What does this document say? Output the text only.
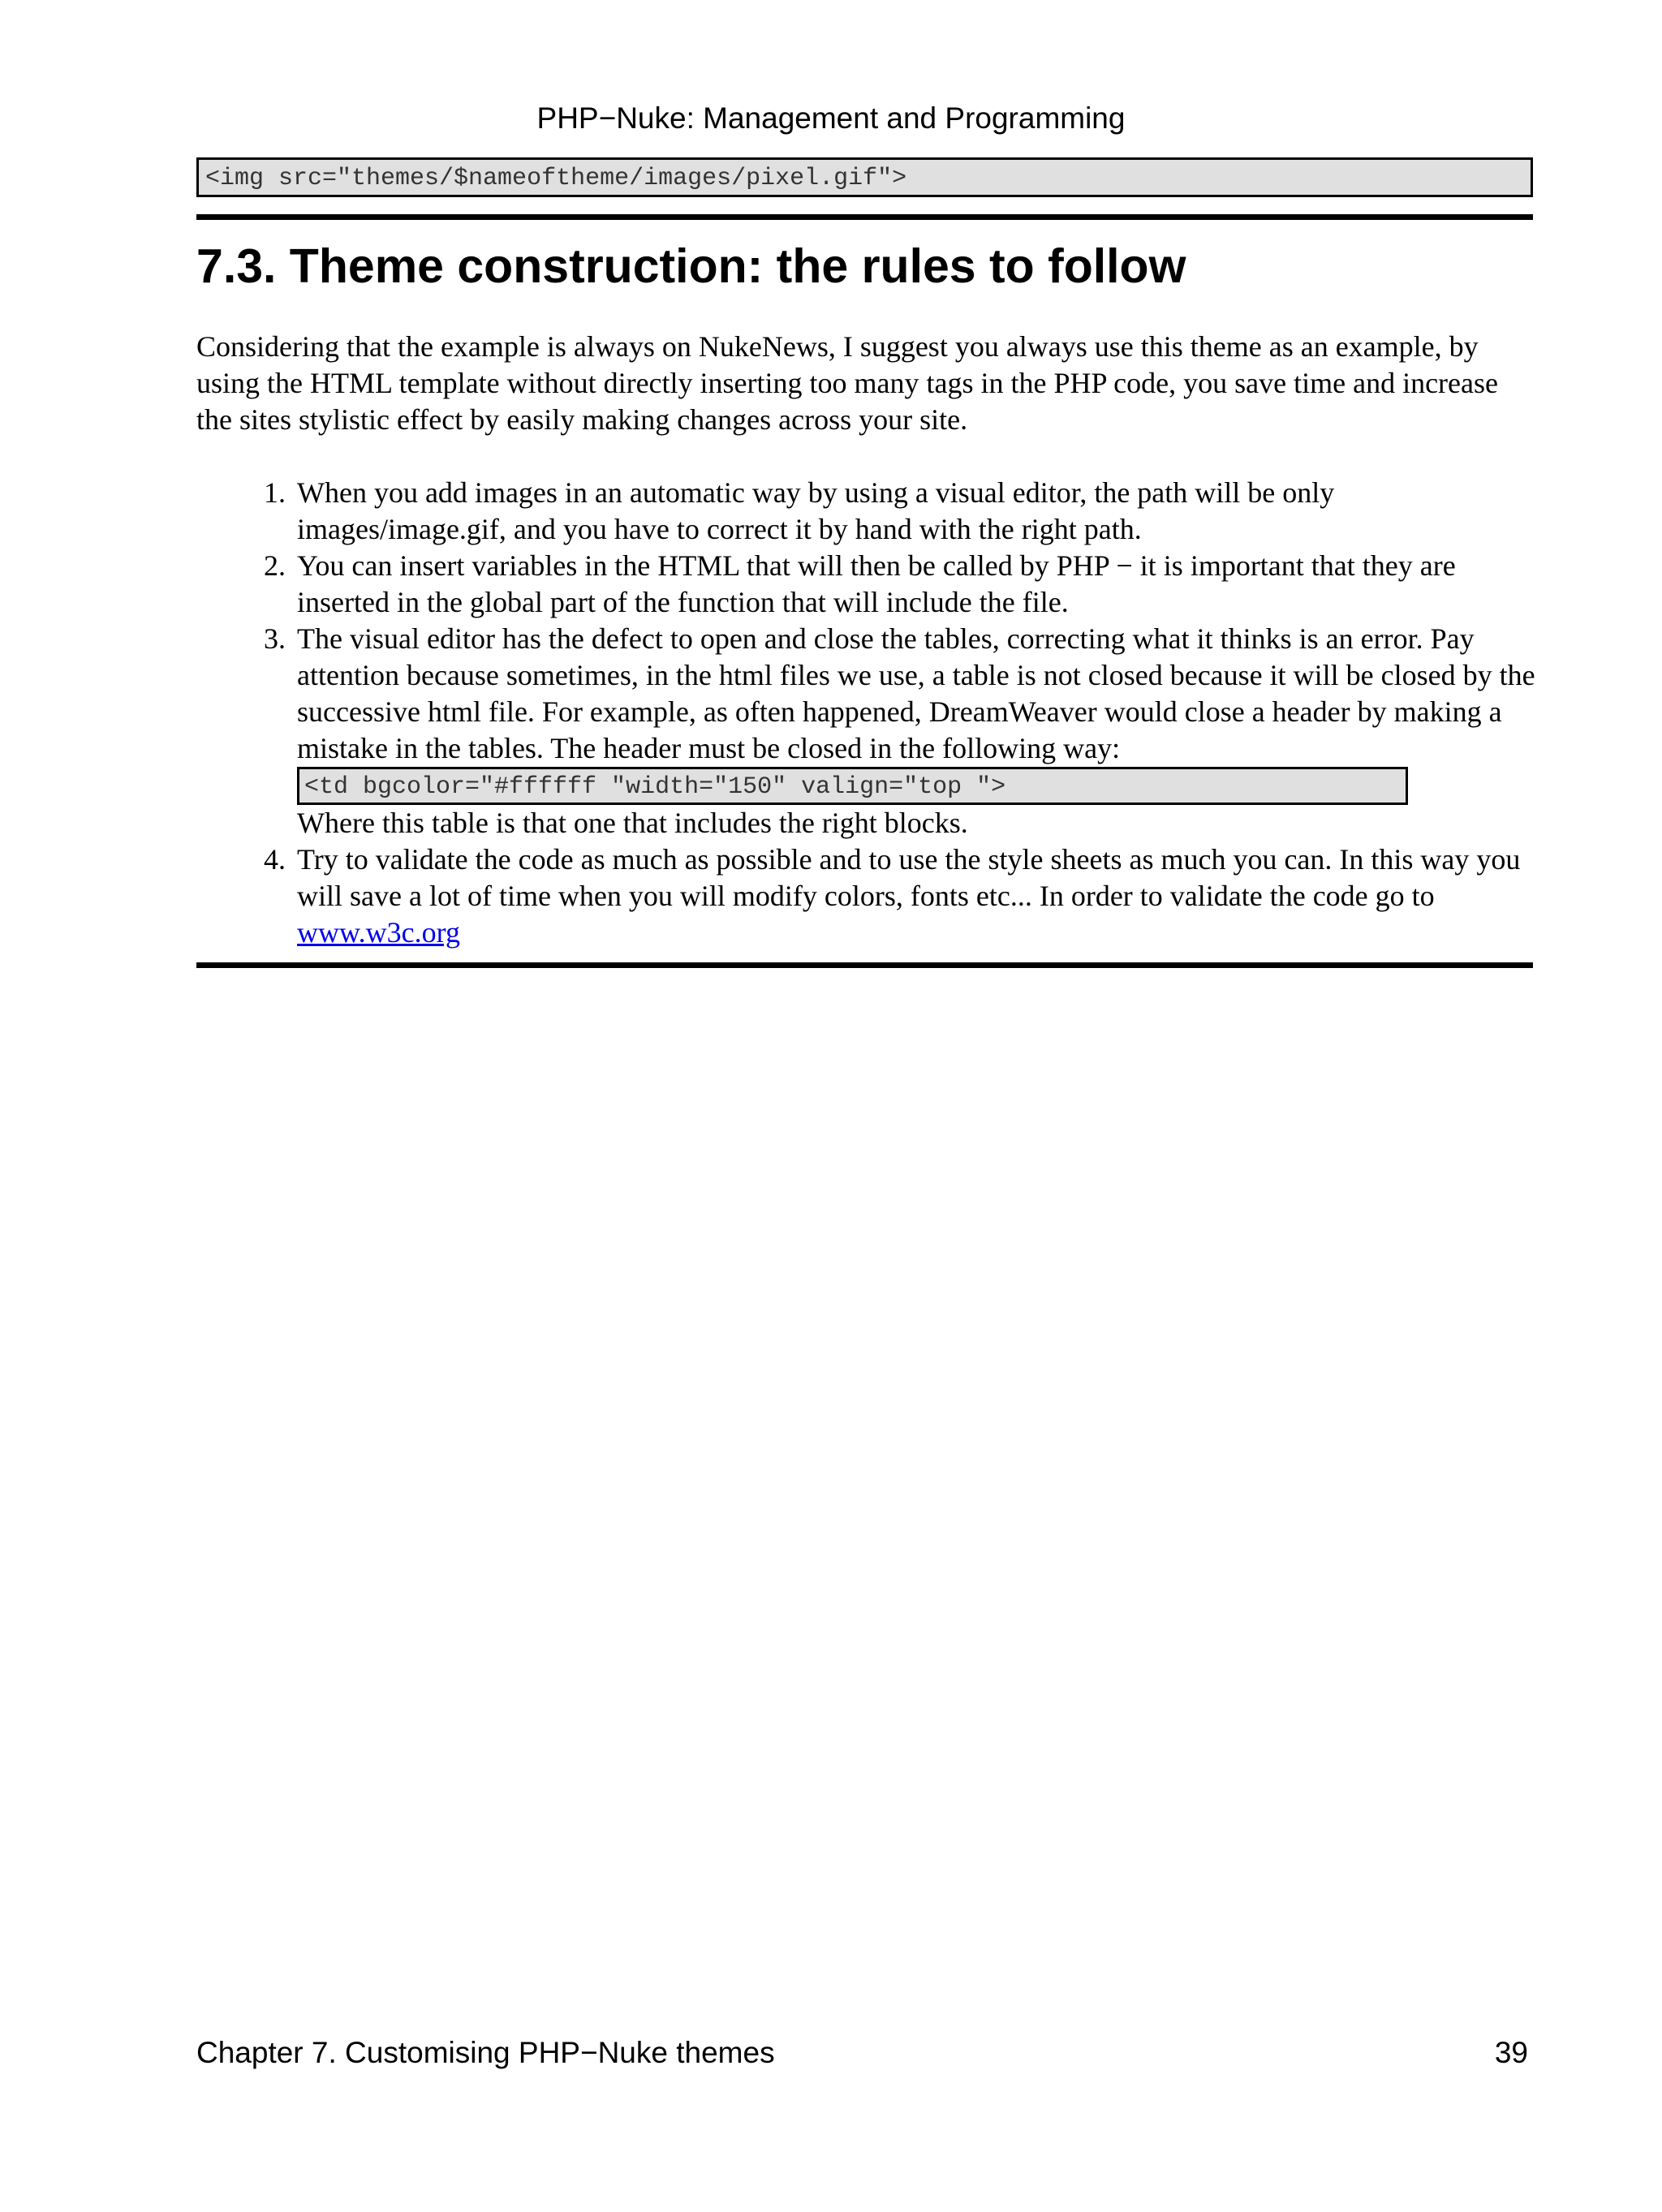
PHP−Nuke: Management and Programming
<img src="themes/$nameoftheme/images/pixel.gif">
7.3. Theme construction: the rules to follow

Considering that the example is always on NukeNews, I suggest you always use this theme as an example, by using the HTML template without directly inserting too many tags in the PHP code, you save time and increase the sites stylistic effect by easily making changes across your site.

1. When you add images in an automatic way by using a visual editor, the path will be only images/image.gif, and you have to correct it by hand with the right path.
2. You can insert variables in the HTML that will then be called by PHP − it is important that they are inserted in the global part of the function that will include the file.
3. The visual editor has the defect to open and close the tables, correcting what it thinks is an error. Pay attention because sometimes, in the html files we use, a table is not closed because it will be closed by the successive html file. For example, as often happened, DreamWeaver would close a header by making a mistake in the tables. The header must be closed in the following way:
<td bgcolor="#ffffff "width="150" valign="top ">
Where this table is that one that includes the right blocks.
4. Try to validate the code as much as possible and to use the style sheets as much you can. In this way you will save a lot of time when you will modify colors, fonts etc... In order to validate the code go to www.w3c.org
Chapter 7. Customising PHP−Nuke themes	39
